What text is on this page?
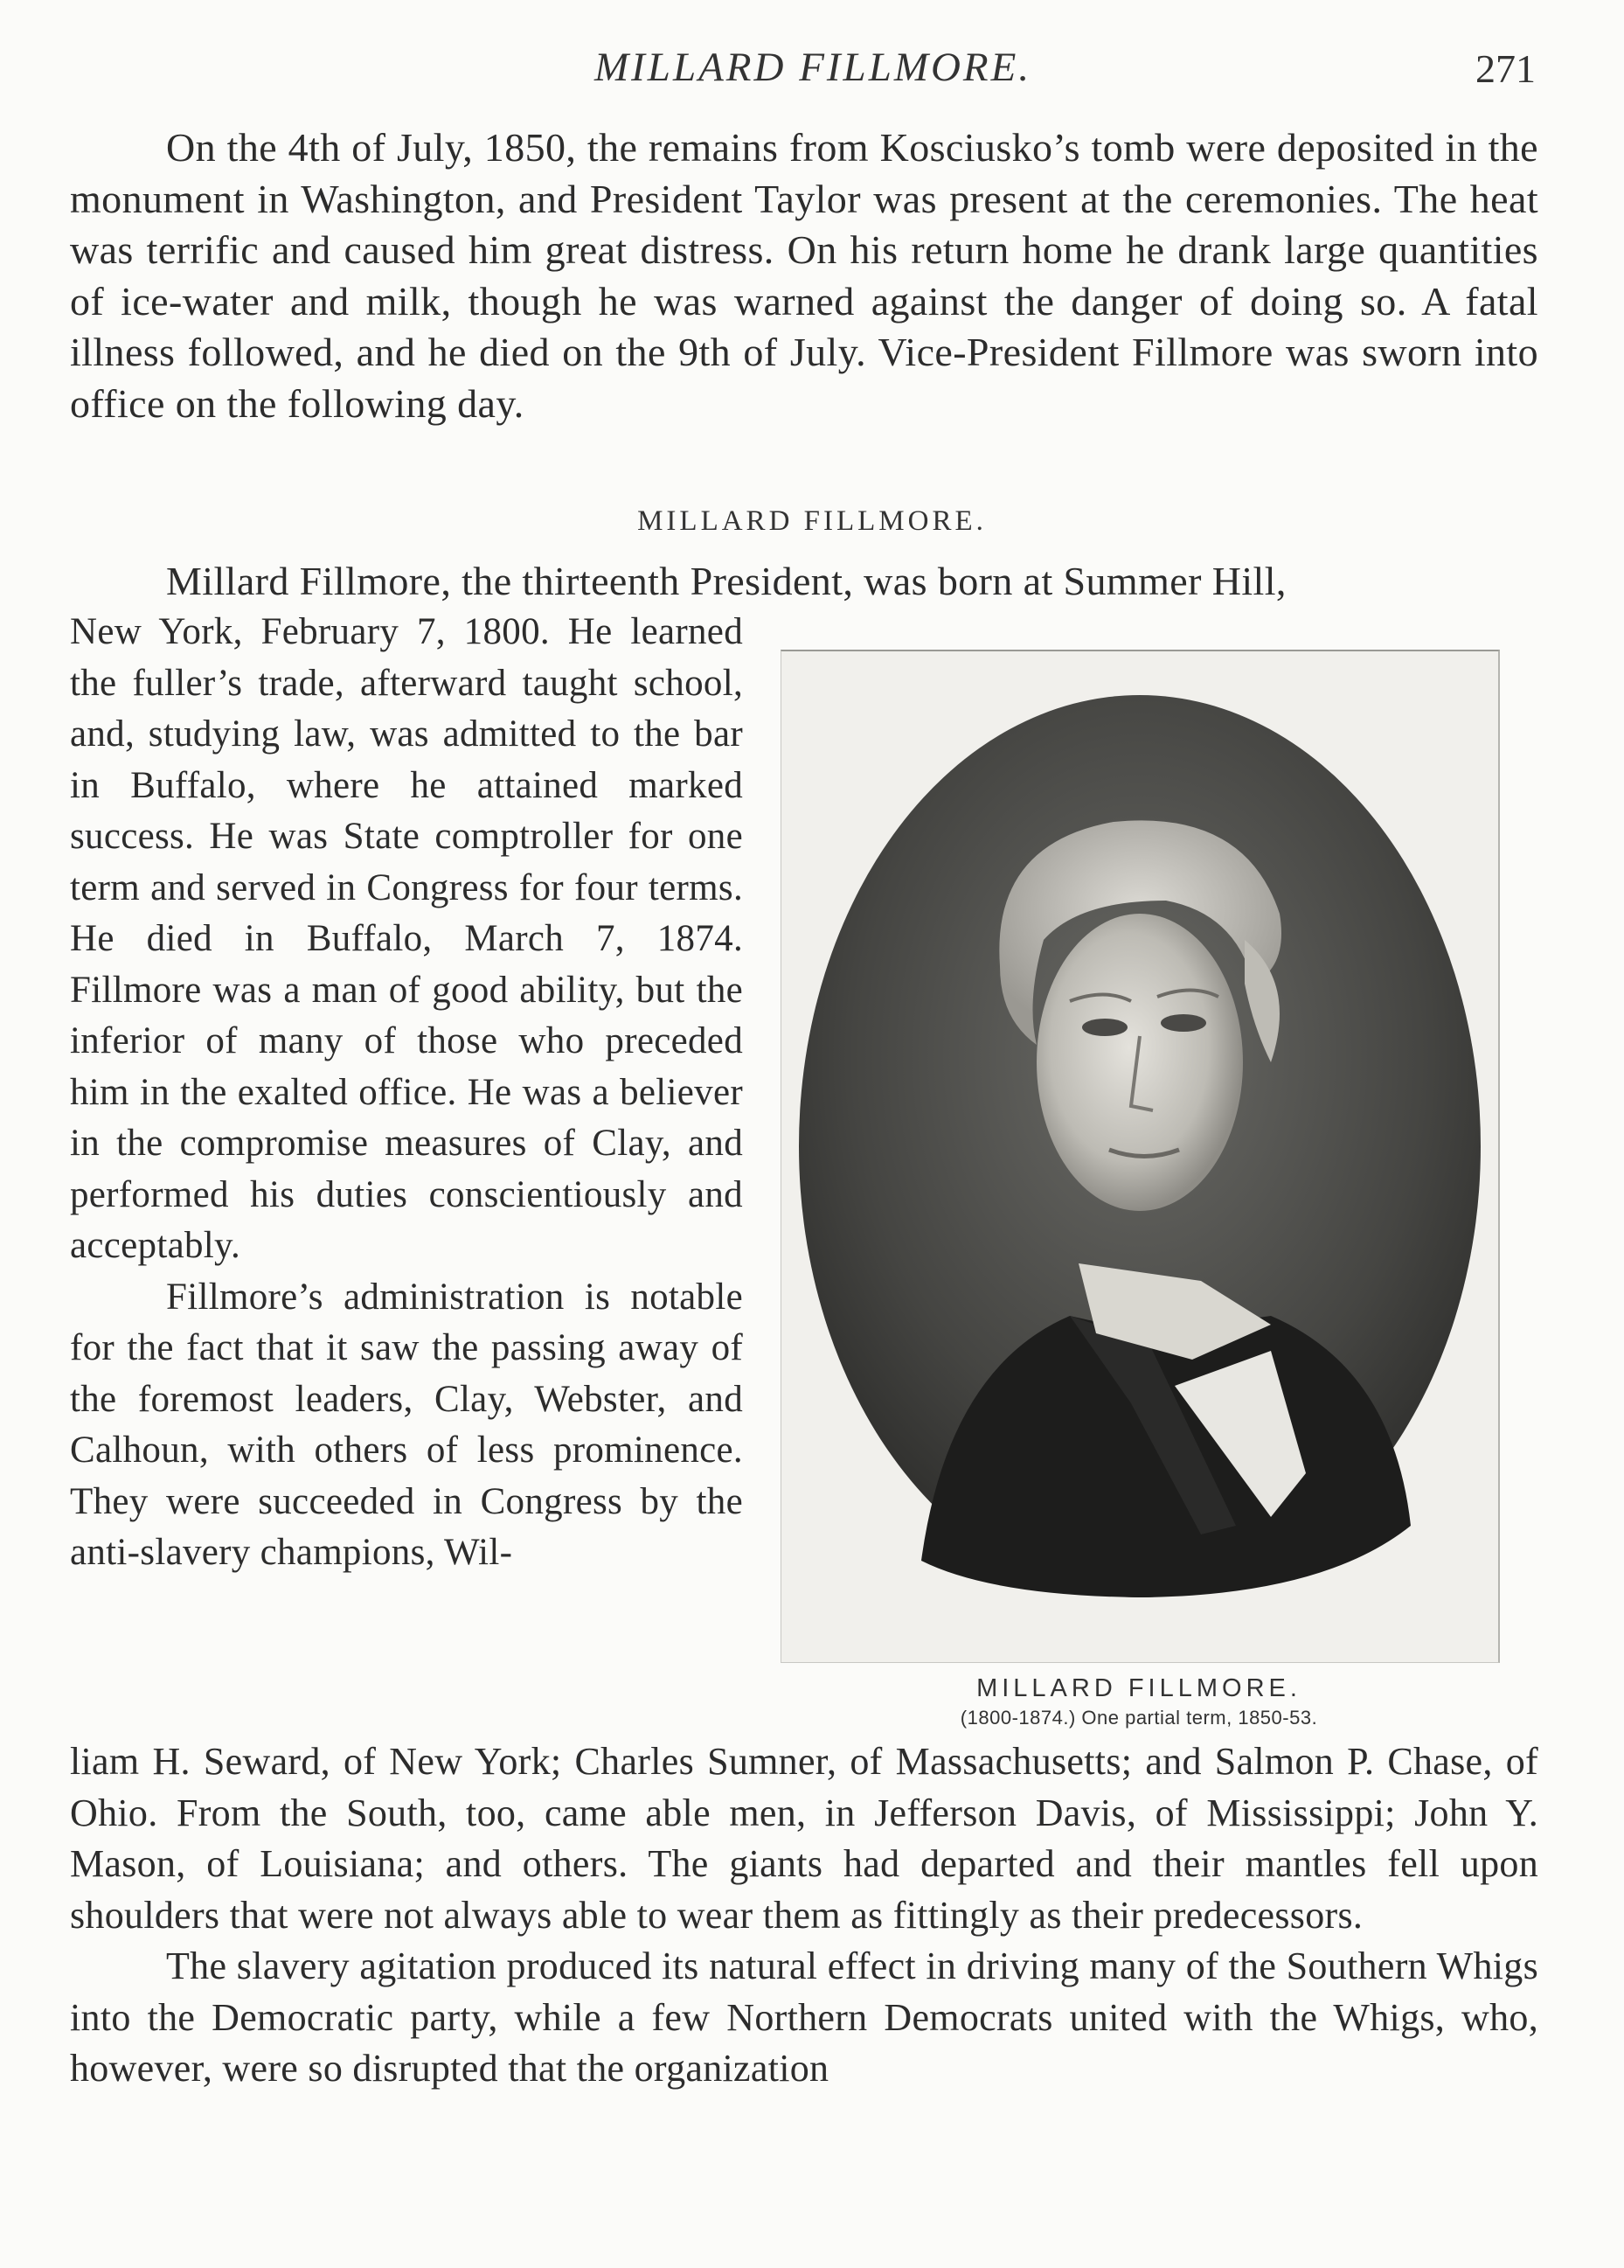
MILLARD FILLMORE.	271

On the 4th of July, 1850, the remains from Kosciusko’s tomb were deposited in the monument in Washington, and President Taylor was present at the ceremonies. The heat was terrific and caused him great distress. On his return home he drank large quantities of ice-water and milk, though he was warned against the danger of doing so. A fatal illness followed, and he died on the 9th of July. Vice-President Fillmore was sworn into office on the following day.

MILLARD FILLMORE.
Millard Fillmore, the thirteenth President, was born at Summer Hill,

New York, February 7, 1800. He learned the fuller’s trade, afterward taught school, and, studying law, was admitted to the bar in Buffalo, where he attained marked success. He was State comptroller for one term and served in Congress for four terms. He died in Buffalo, March 7, 1874. Fillmore was a man of good ability, but the inferior of many of those who preceded him in the exalted office. He was a believer in the compromise measures of Clay, and performed his duties conscientiously and acceptably.

Fillmore’s administration is notable for the fact that it saw the passing away of the foremost leaders, Clay, Webster, and Calhoun, with others of less prominence. They were succeeded in Congress by the anti-slavery champions, Wil-

MILLARD FILLMORE.
(1800-1874.) One partial term, 1850-53.

liam H. Seward, of New York; Charles Sumner, of Massachusetts; and Salmon P. Chase, of Ohio. From the South, too, came able men, in Jefferson Davis, of Mississippi; John Y. Mason, of Louisiana; and others. The giants had departed and their mantles fell upon shoulders that were not always able to wear them as fittingly as their predecessors.

The slavery agitation produced its natural effect in driving many of the Southern Whigs into the Democratic party, while a few Northern Democrats united with the Whigs, who, however, were so disrupted that the organization
